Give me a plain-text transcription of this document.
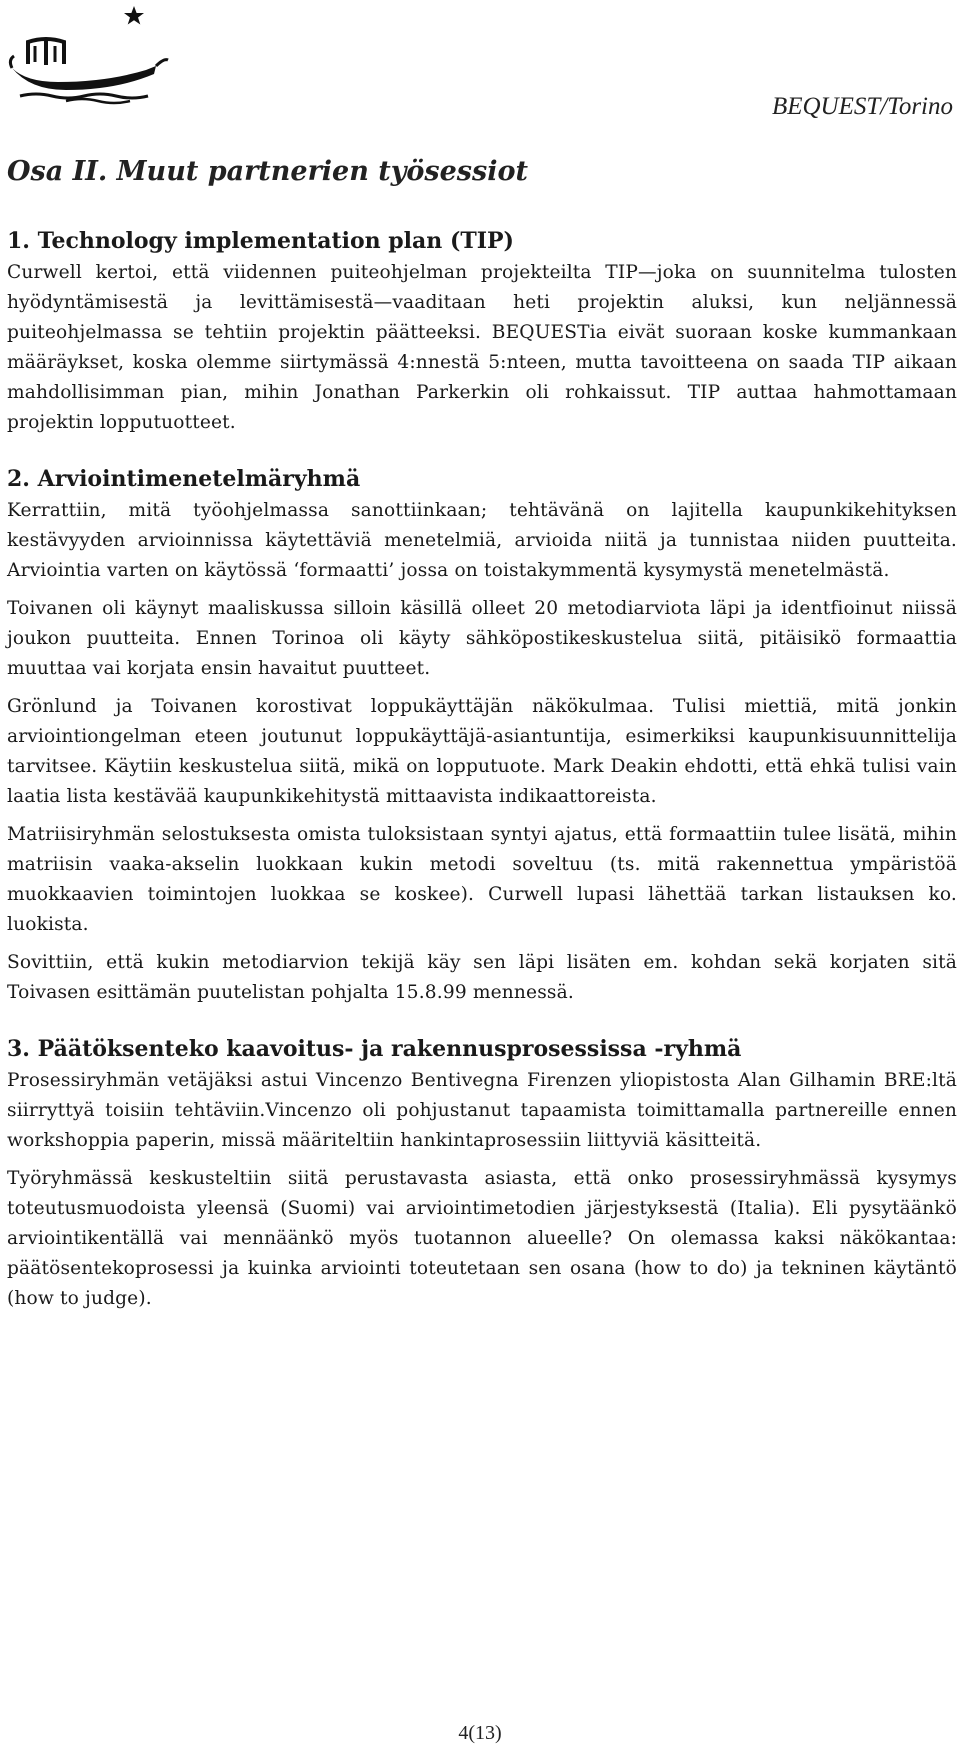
BEQUEST/Torino
Osa II. Muut partnerien työsessiot
1. Technology implementation plan (TIP)

Curwell kertoi, että viidennen puiteohjelman projekteilta TIP—joka on suunnitelma tulosten hyödyntämisestä ja levittämisestä—vaaditaan heti projektin aluksi, kun neljännessä puiteohjelmassa se tehtiin projektin päätteeksi. BEQUESTia eivät suoraan koske kummankaan määräykset, koska olemme siirtymässä 4:nnestä 5:nteen, mutta tavoitteena on saada TIP aikaan mahdollisimman pian, mihin Jonathan Parkerkin oli rohkaissut. TIP auttaa hahmottamaan projektin lopputuotteet.

2. Arviointimenetelmäryhmä

Kerrattiin, mitä työohjelmassa sanottiinkaan; tehtävänä on lajitella kaupunkikehityksen kestävyyden arvioinnissa käytettäviä menetelmiä, arvioida niitä ja tunnistaa niiden puutteita. Arviointia varten on käytössä ‘formaatti’ jossa on toistakymmentä kysymystä menetelmästä.

Toivanen oli käynyt maaliskussa silloin käsillä olleet 20 metodiarviota läpi ja identfioinut niissä joukon puutteita. Ennen Torinoa oli käyty sähköpostikeskustelua siitä, pitäisikö formaattia muuttaa vai korjata ensin havaitut puutteet.

Grönlund ja Toivanen korostivat loppukäyttäjän näkökulmaa. Tulisi miettiä, mitä jonkin arviointiongelman eteen joutunut loppukäyttäjä-asiantuntija, esimerkiksi kaupunkisuunnittelija tarvitsee. Käytiin keskustelua siitä, mikä on lopputuote. Mark Deakin ehdotti, että ehkä tulisi vain laatia lista kestävää kaupunkikehitystä mittaavista indikaattoreista.

Matriisiryhmän selostuksesta omista tuloksistaan syntyi ajatus, että formaattiin tulee lisätä, mihin matriisin vaaka-akselin luokkaan kukin metodi soveltuu (ts. mitä rakennettua ympäristöä muokkaavien toimintojen luokkaa se koskee). Curwell lupasi lähettää tarkan listauksen ko. luokista.

Sovittiin, että kukin metodiarvion tekijä käy sen läpi lisäten em. kohdan sekä korjaten sitä Toivasen esittämän puutelistan pohjalta 15.8.99 mennessä.

3. Päätöksenteko kaavoitus- ja rakennusprosessissa -ryhmä

Prosessiryhmän vetäjäksi astui Vincenzo Bentivegna Firenzen yliopistosta Alan Gilhamin BRE:ltä siirryttyä toisiin tehtäviin.Vincenzo oli pohjustanut tapaamista toimittamalla partnereille ennen workshoppia paperin, missä määriteltiin hankintaprosessiin liittyviä käsitteitä.

Työryhmässä keskusteltiin siitä perustavasta asiasta, että onko prosessiryhmässä kysymys toteutusmuodoista yleensä (Suomi) vai arviointimetodien järjestyksestä (Italia). Eli pysytäänkö arviointikentällä vai mennäänkö myös tuotannon alueelle? On olemassa kaksi näkökantaa: päätösentekoprosessi ja kuinka arviointi toteutetaan sen osana (how to do) ja tekninen käytäntö (how to judge).

4(13)
